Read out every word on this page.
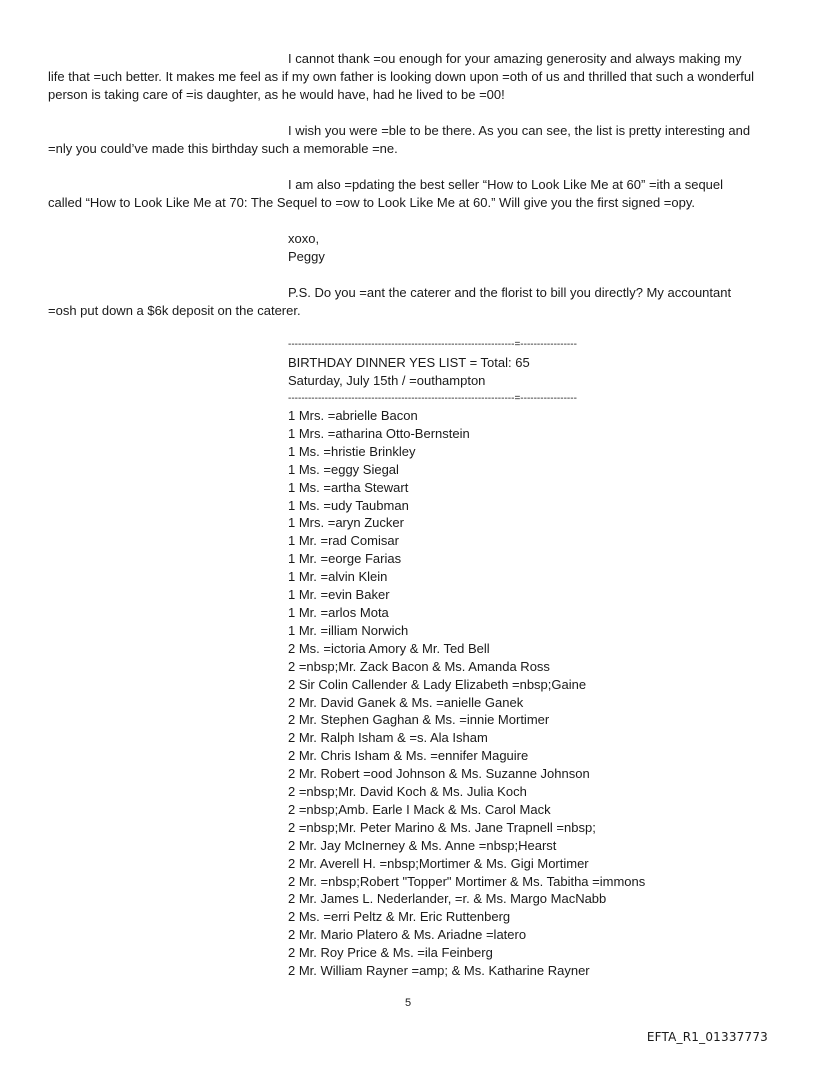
I cannot thank =ou enough for your amazing generosity and always making my
life that =uch better. It makes me feel as if my own father is looking down upon =oth of us and thrilled that such a wonderful person is taking care of =is daughter, as he would have, had he lived to be =00!

I wish you were =ble to be there. As you can see, the list is pretty interesting and
=nly you could’ve made this birthday such a memorable =ne.

I am also =pdating the best seller “How to Look Like Me at 60” =ith a sequel
called “How to Look Like Me at 70: The Sequel to =ow to Look Like Me at 60.” Will give you the first signed =opy.

xoxo,
Peggy

P.S. Do you =ant the caterer and the florist to bill you directly? My accountant
=osh put down a $6k deposit on the caterer.

--------------------------------------------------------------------=-----------------
BIRTHDAY DINNER YES LIST = Total: 65
Saturday, July 15th / =outhampton
--------------------------------------------------------------------=-----------------
1 Mrs. =abrielle Bacon
1 Mrs. =atharina Otto-Bernstein
1 Ms. =hristie Brinkley
1 Ms. =eggy Siegal
1 Ms. =artha Stewart
1 Ms. =udy Taubman
1 Mrs. =aryn Zucker
1 Mr. =rad Comisar
1 Mr. =eorge Farias
1 Mr. =alvin Klein
1 Mr. =evin Baker
1 Mr. =arlos Mota
1 Mr. =illiam Norwich
2 Ms. =ictoria Amory & Mr. Ted Bell
2 =nbsp;Mr. Zack Bacon & Ms. Amanda Ross
2 Sir Colin Callender & Lady Elizabeth =nbsp;Gaine
2 Mr. David Ganek & Ms. =anielle Ganek
2 Mr. Stephen Gaghan & Ms. =innie Mortimer
2 Mr. Ralph Isham & =s. Ala Isham
2 Mr. Chris Isham & Ms. =ennifer Maguire
2 Mr. Robert =ood Johnson & Ms. Suzanne Johnson
2 =nbsp;Mr. David Koch & Ms. Julia Koch
2 =nbsp;Amb. Earle I Mack & Ms. Carol Mack
2 =nbsp;Mr. Peter Marino & Ms. Jane Trapnell =nbsp;
2 Mr. Jay McInerney & Ms. Anne =nbsp;Hearst
2 Mr. Averell H. =nbsp;Mortimer & Ms. Gigi Mortimer
2 Mr. =nbsp;Robert "Topper" Mortimer & Ms. Tabitha =immons
2 Mr. James L. Nederlander, =r. & Ms. Margo MacNabb
2 Ms. =erri Peltz & Mr. Eric Ruttenberg
2 Mr. Mario Platero & Ms. Ariadne =latero
2 Mr. Roy Price & Ms. =ila Feinberg
2 Mr. William Rayner =amp; & Ms. Katharine Rayner
5
EFTA_R1_01337773
